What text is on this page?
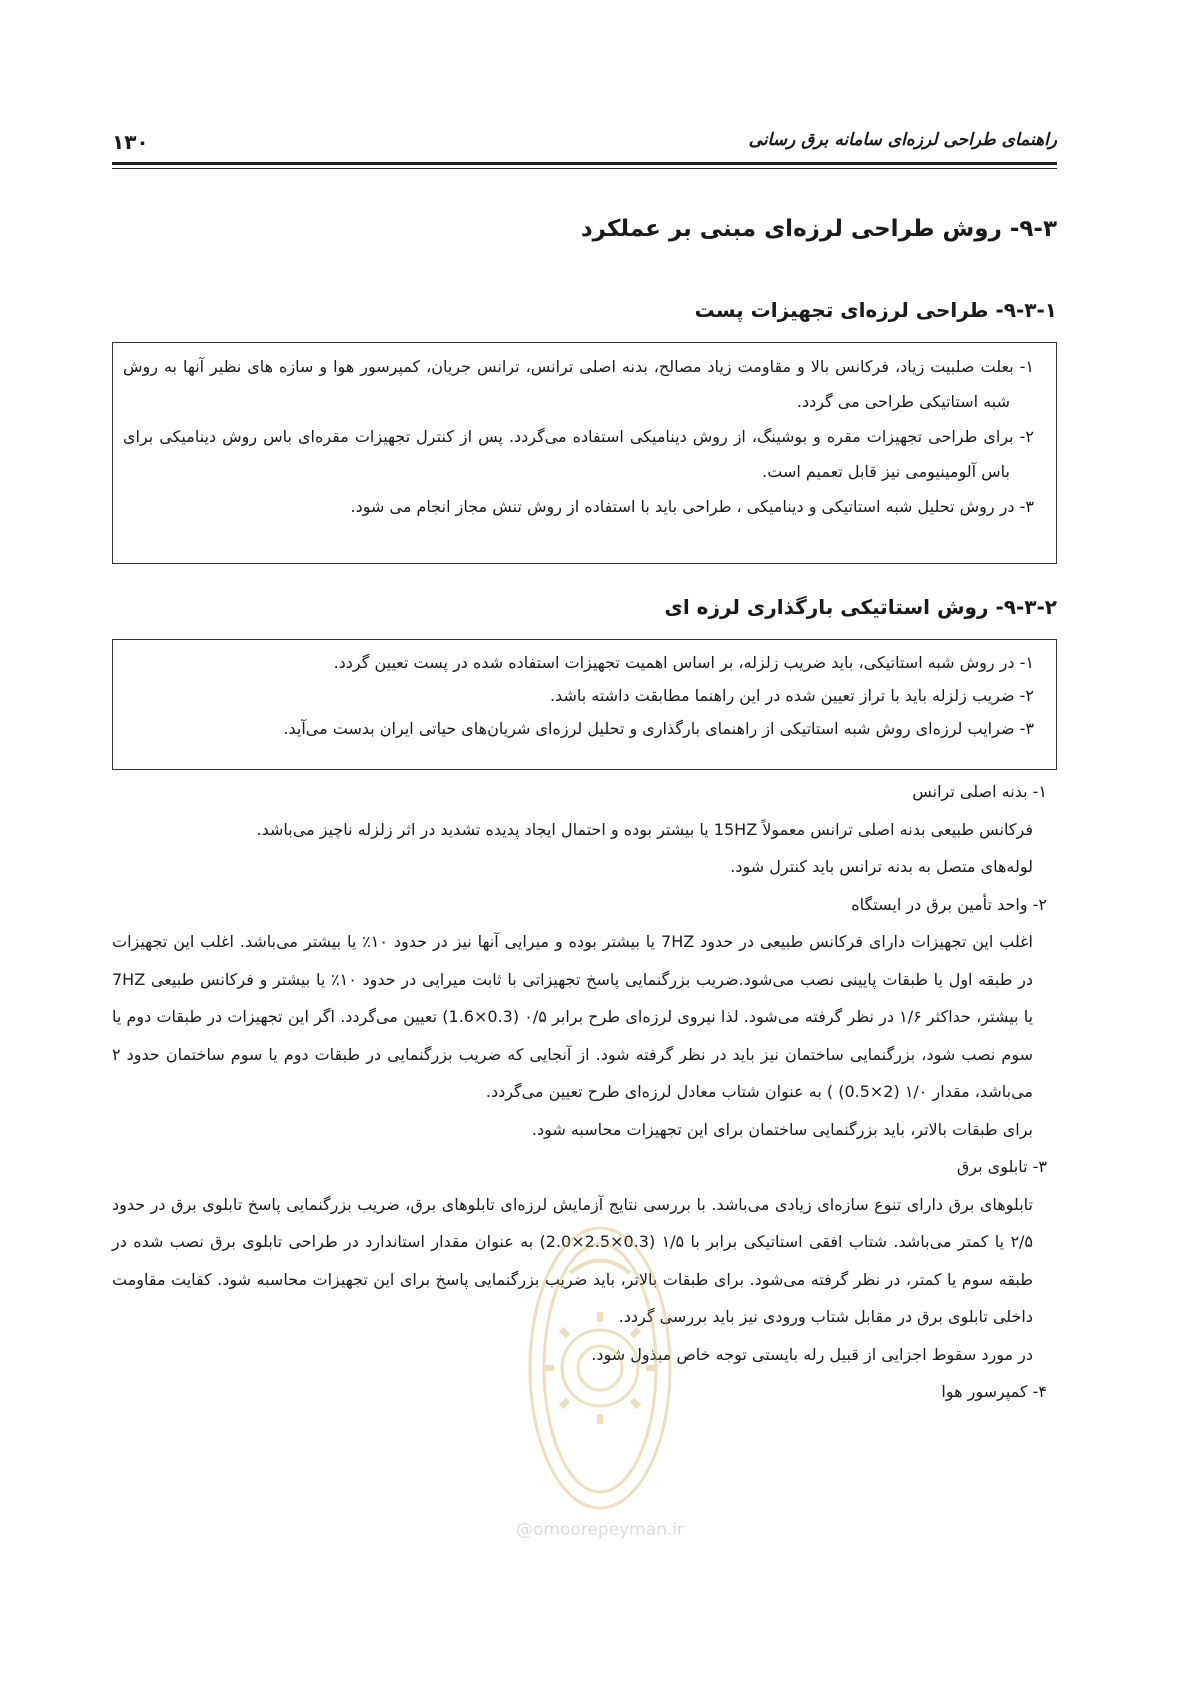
۱۳۰	راهنمای طراحی لرزه‌ای سامانه برق رسانی
۹-۳- روش طراحی لرزه‌ای مبنی بر عملکرد
۹-۳-۱- طراحی لرزه‌ای تجهیزات پست

۱- بعلت صلبیت زیاد، فرکانس بالا و مقاومت زیاد مصالح، بدنه اصلی ترانس، ترانس جریان، کمپرسور هوا و سازه های نظیر آنها به روش شبه استاتیکی طراحی می گردد.

۲- برای طراحی تجهیزات مقره و بوشینگ، از روش دینامیکی استفاده می‌گردد. پس از کنترل تجهیزات مقره‌ای باس روش دینامیکی برای باس آلومینیومی نیز قابل تعمیم است.

۳- در روش تحلیل شبه استاتیکی و دینامیکی ، طراحی باید با استفاده از روش تنش مجاز انجام می شود.

۹-۳-۲- روش استاتیکی بارگذاری لرزه ای

۱- در روش شبه استاتیکی، باید ضریب زلزله، بر اساس اهمیت تجهیزات استفاده شده در پست تعیین گردد.

۲- ضریب زلزله باید با تراز تعیین شده در این راهنما مطابقت داشته باشد.

۳- ضرایب لرزه‌ای روش شبه استاتیکی از راهنمای بارگذاری و تحلیل لرزه‌ای شریان‌های حیاتی ایران بدست می‌آید.

۱- بدنه اصلی ترانس

فرکانس طبیعی بدنه اصلی ترانس معمولاً 15HZ یا بیشتر بوده و احتمال ایجاد پدیده تشدید در اثر زلزله ناچیز می‌باشد.

لوله‌های متصل به بدنه ترانس باید کنترل شود.

۲- واحد تأمین برق در ایستگاه

اغلب این تجهیزات دارای فرکانس طبیعی در حدود 7HZ یا بیشتر بوده و میرایی آنها نیز در حدود ۱۰٪ یا بیشتر می‌باشد. اغلب این تجهیزات در طبقه اول یا طبقات پایینی نصب می‌شود.ضریب بزرگنمایی پاسخ تجهیزاتی با ثابت میرایی در حدود ۱۰٪ یا بیشتر و فرکانس طبیعی 7HZ یا بیشتر، حداکثر ۱/۶ در نظر گرفته می‌شود. لذا نیروی لرزه‌ای طرح برابر ۰/۵ (0.3×1.6) تعیین می‌گردد. اگر این تجهیزات در طبقات دوم یا سوم نصب شود، بزرگنمایی ساختمان نیز باید در نظر گرفته شود. از آنجایی که ضریب بزرگنمایی در طبقات دوم یا سوم ساختمان حدود ۲ می‌باشد، مقدار ۱/۰ (2×0.5) ) به عنوان شتاب معادل لرزه‌ای طرح تعیین می‌گردد.

برای طبقات بالاتر، باید بزرگنمایی ساختمان برای این تجهیزات محاسبه شود.

۳- تابلوی برق

تابلوهای برق دارای تنوع سازه‌ای زیادی می‌باشد. با بررسی نتایج آزمایش لرزه‌ای تابلوهای برق، ضریب بزرگنمایی پاسخ تابلوی برق در حدود ۲/۵ یا کمتر می‌باشد. شتاب افقی استاتیکی برابر با ۱/۵ (0.3×2.5×2.0) به عنوان مقدار استاندارد در طراحی تابلوی برق نصب شده در طبقه سوم یا کمتر، در نظر گرفته می‌شود. برای طبقات بالاتر، باید ضریب بزرگنمایی پاسخ برای این تجهیزات محاسبه شود. کفایت مقاومت داخلی تابلوی برق در مقابل شتاب ورودی نیز باید بررسی گردد.

در مورد سقوط اجزایی از قبیل رله بایستی توجه خاص مبذول شود.

۴- کمپرسور هوا

@omoorepeyman.ir
